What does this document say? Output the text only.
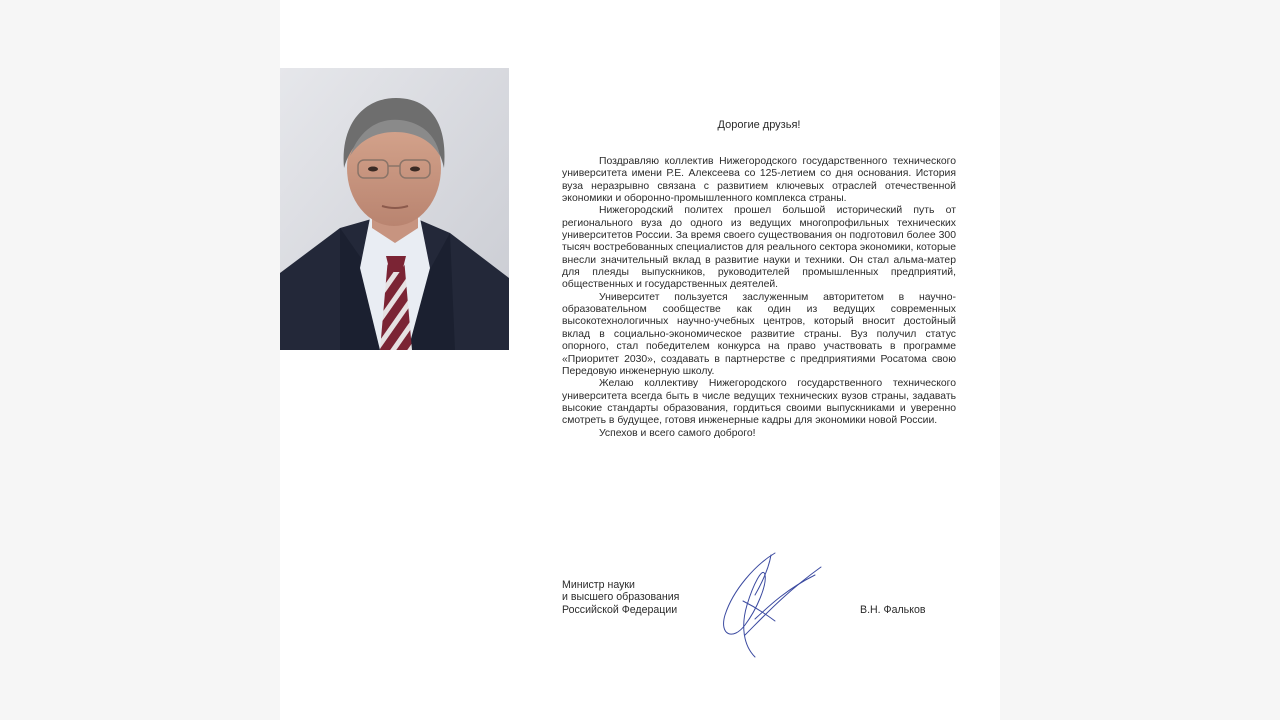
Дорогие друзья!

Поздравляю коллектив Нижегородского государственного технического университета имени Р.Е. Алексеева со 125-летием со дня основания. История вуза неразрывно связана с развитием ключевых отраслей отечественной экономики и оборонно-промышленного комплекса страны.

Нижегородский политех прошел большой исторический путь от регионального вуза до одного из ведущих многопрофильных технических университетов России. За время своего существования он подготовил более 300 тысяч востребованных специалистов для реального сектора экономики, которые внесли значительный вклад в развитие науки и техники. Он стал альма-матер для плеяды выпускников, руководителей промышленных предприятий, общественных и государственных деятелей.

Университет пользуется заслуженным авторитетом в научно-образовательном сообществе как один из ведущих современных высокотехнологичных научно-учебных центров, который вносит достойный вклад в социально-экономическое развитие страны. Вуз получил статус опорного, стал победителем конкурса на право участвовать в программе «Приоритет 2030», создавать в партнерстве с предприятиями Росатома свою Передовую инженерную школу.

Желаю коллективу Нижегородского государственного технического университета всегда быть в числе ведущих технических вузов страны, задавать высокие стандарты образования, гордиться своими выпускниками и уверенно смотреть в будущее, готовя инженерные кадры для экономики новой России.

Успехов и всего самого доброго!

Министр науки
и высшего образования
Российской Федерации	В.Н. Фальков
